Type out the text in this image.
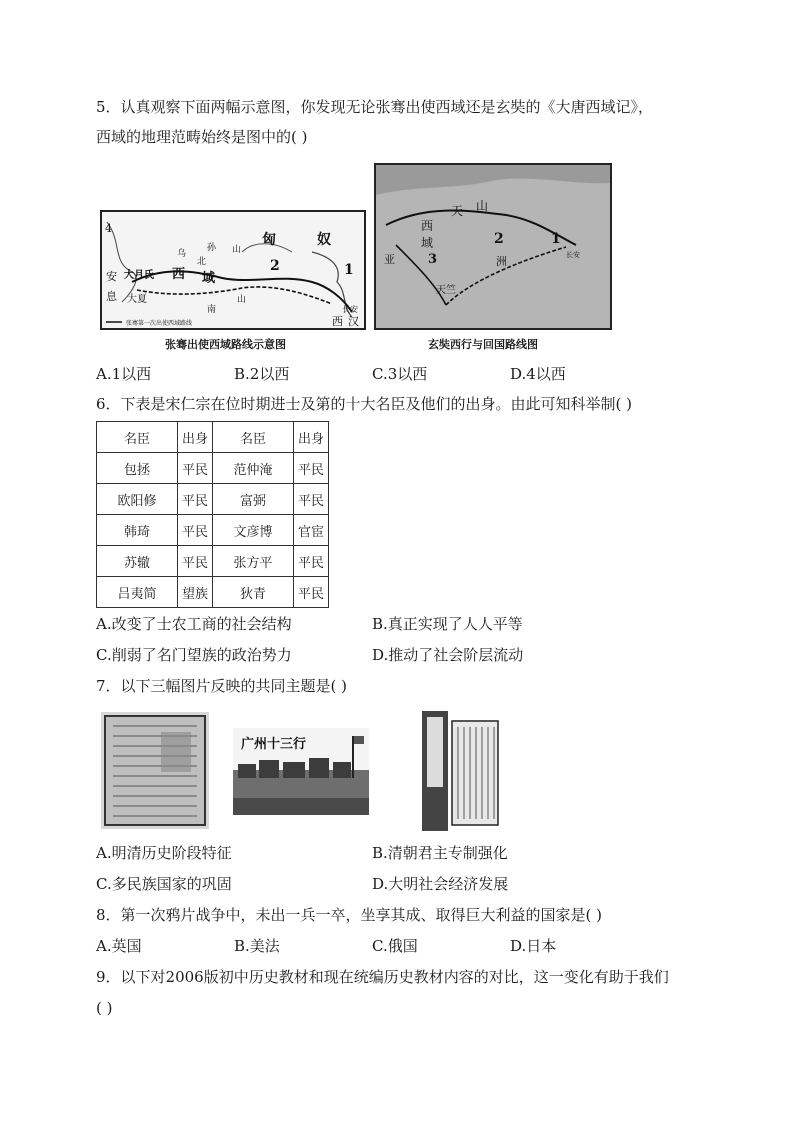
5．认真观察下面两幅示意图，你发现无论张骞出使西域还是玄奘的《大唐西域记》，
西域的地理范畴始终是图中的( )
4
匈	奴
乌
孙 山
北
西 域
大月氏
安
息 大夏
2	1
南
山
西 汉
长安
张骞第一次出使西域路线
张骞出使西域路线示意图
天 山
西
域	2	1
3
亚	洲
天竺
长安
玄奘西行与回国路线图
A.1以西	B.2以西	C.3以西	D.4以西
6．下表是宋仁宗在位时期进士及第的十大名臣及他们的出身。由此可知科举制( )
名臣	出身	名臣	出身
包拯	平民	范仲淹	平民
欧阳修	平民	富弼	平民
韩琦	平民	文彦博	官宦
苏辙	平民	张方平	平民
吕夷简	望族	狄青	平民
A.改变了士农工商的社会结构	B.真正实现了人人平等
C.削弱了名门望族的政治势力	D.推动了社会阶层流动
7．以下三幅图片反映的共同主题是( )
广州十三行
A.明清历史阶段特征	B.清朝君主专制强化
C.多民族国家的巩固	D.大明社会经济发展
8．第一次鸦片战争中，未出一兵一卒，坐享其成、取得巨大利益的国家是( )
A.英国	B.美法	C.俄国	D.日本
9．以下对2006版初中历史教材和现在统编历史教材内容的对比，这一变化有助于我们
( )
